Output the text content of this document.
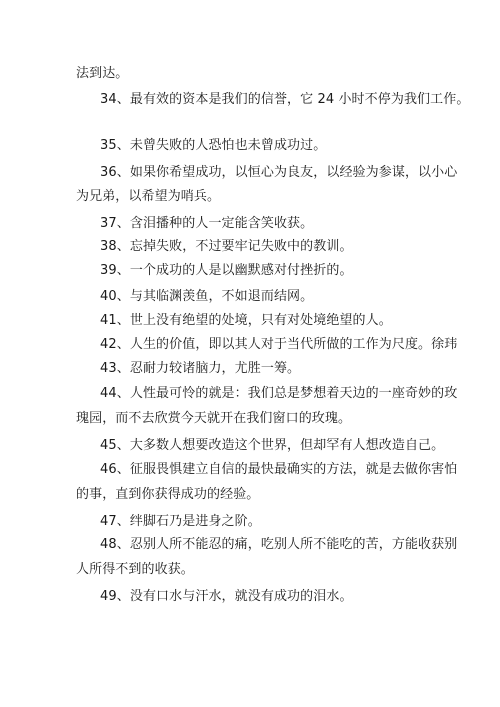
法到达。
34、最有效的资本是我们的信誉，它 24 小时不停为我们工作。
35、未曾失败的人恐怕也未曾成功过。
36、如果你希望成功，以恒心为良友，以经验为参谋，以小心
为兄弟，以希望为哨兵。
37、含泪播种的人一定能含笑收获。
38、忘掉失败，不过要牢记失败中的教训。
39、一个成功的人是以幽默感对付挫折的。
40、与其临渊羡鱼，不如退而结网。
41、世上没有绝望的处境，只有对处境绝望的人。
42、人生的价值，即以其人对于当代所做的工作为尺度。徐玮
43、忍耐力较诸脑力，尤胜一筹。
44、人性最可怜的就是：我们总是梦想着天边的一座奇妙的玫
瑰园，而不去欣赏今天就开在我们窗口的玫瑰。
45、大多数人想要改造这个世界，但却罕有人想改造自己。
46、征服畏惧建立自信的最快最确实的方法，就是去做你害怕
的事，直到你获得成功的经验。
47、绊脚石乃是进身之阶。
48、忍别人所不能忍的痛，吃别人所不能吃的苦，方能收获别
人所得不到的收获。
49、没有口水与汗水，就没有成功的泪水。
